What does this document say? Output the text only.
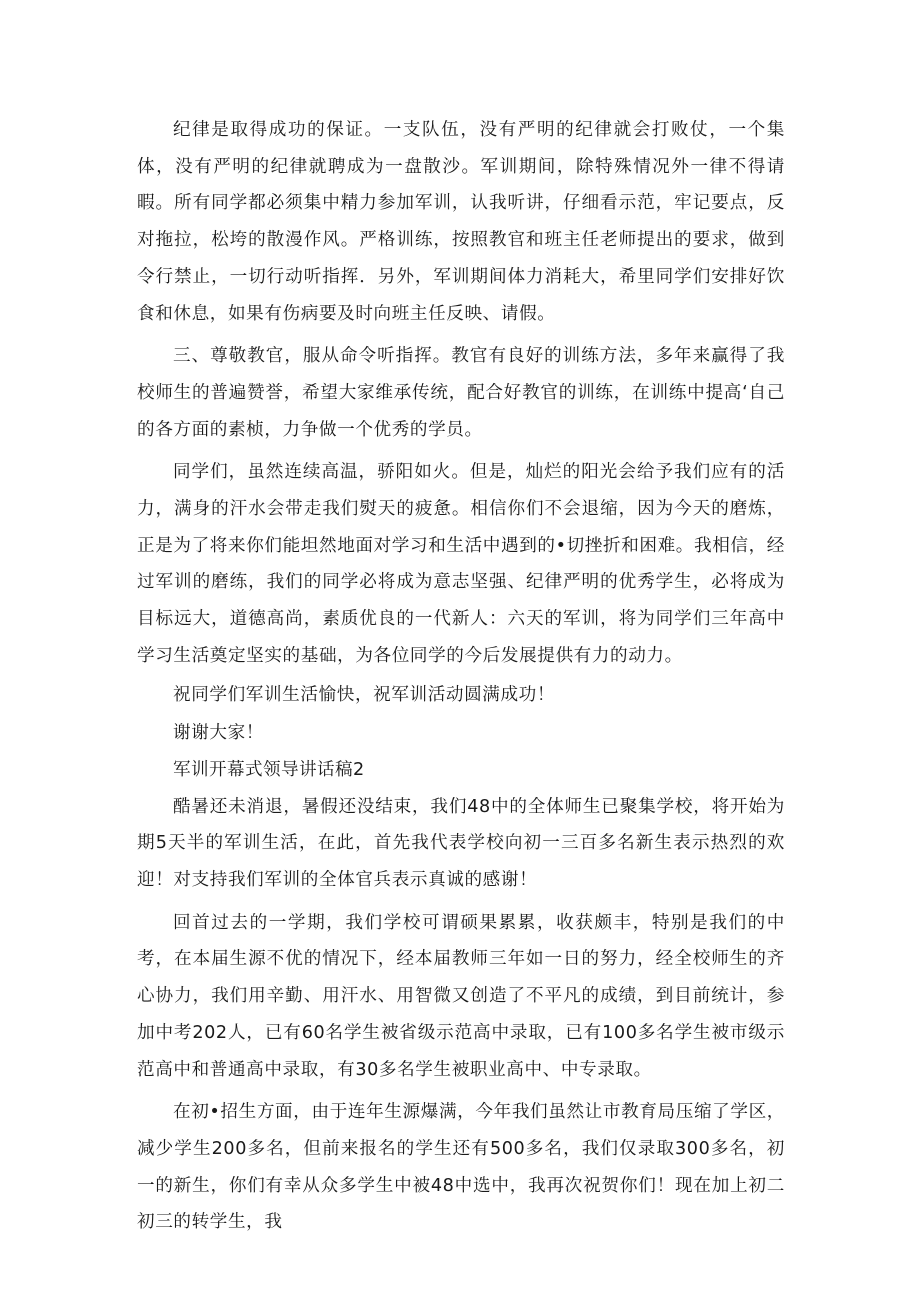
纪律是取得成功的保证。一支队伍，没有严明的纪律就会打败仗，一个集体，没有严明的纪律就聘成为一盘散沙。军训期间，除特殊情况外一律不得请暇。所有同学都必须集中精力参加军训，认我听讲，仔细看示范，牢记要点，反对拖拉，松垮的散漫作风。严格训练，按照教官和班主任老师提出的要求，做到令行禁止，一切行动听指挥．另外，军训期间体力消耗大，希里同学们安排好饮食和休息，如果有伤病要及时向班主任反映、请假。

三、尊敬教官，服从命令听指挥。教官有良好的训练方法，多年来赢得了我校师生的普遍赞誉，希望大家维承传统，配合好教官的训练，在训练中提高‘自己的各方面的素桢，力争做一个优秀的学员。

同学们，虽然连续高温，骄阳如火。但是，灿烂的阳光会给予我们应有的活力，满身的汗水会带走我们熨天的疲惫。相信你们不会退缩，因为今天的磨炼，正是为了将来你们能坦然地面对学习和生活中遇到的•切挫折和困难。我相信，经过军训的磨练，我们的同学必将成为意志坚强、纪律严明的优秀学生，必将成为目标远大，道德高尚，素质优良的一代新人：六天的军训，将为同学们三年高中学习生活奠定坚实的基础，为各位同学的今后发展提供有力的动力。

祝同学们军训生活愉快，祝军训活动圆满成功！

谢谢大家！

军训开幕式领导讲话稿2

酷暑还未消退，暑假还没结束，我们48中的全体师生已聚集学校，将开始为期5天半的军训生活，在此，首先我代表学校向初一三百多名新生表示热烈的欢迎！对支持我们军训的全体官兵表示真诚的感谢！

回首过去的一学期，我们学校可谓硕果累累，收获颇丰，特别是我们的中考，在本届生源不优的情况下，经本届教师三年如一日的努力，经全校师生的齐心协力，我们用辛勤、用汗水、用智微又创造了不平凡的成绩，到目前统计，参加中考202人，已有60名学生被省级示范高中录取，已有100多名学生被市级示范高中和普通高中录取，有30多名学生被职业高中、中专录取。

在初•招生方面，由于连年生源爆满，今年我们虽然让市教育局压缩了学区，减少学生200多名，但前来报名的学生还有500多名，我们仅录取300多名，初一的新生，你们有幸从众多学生中被48中选中，我再次祝贺你们！现在加上初二初三的转学生，我
